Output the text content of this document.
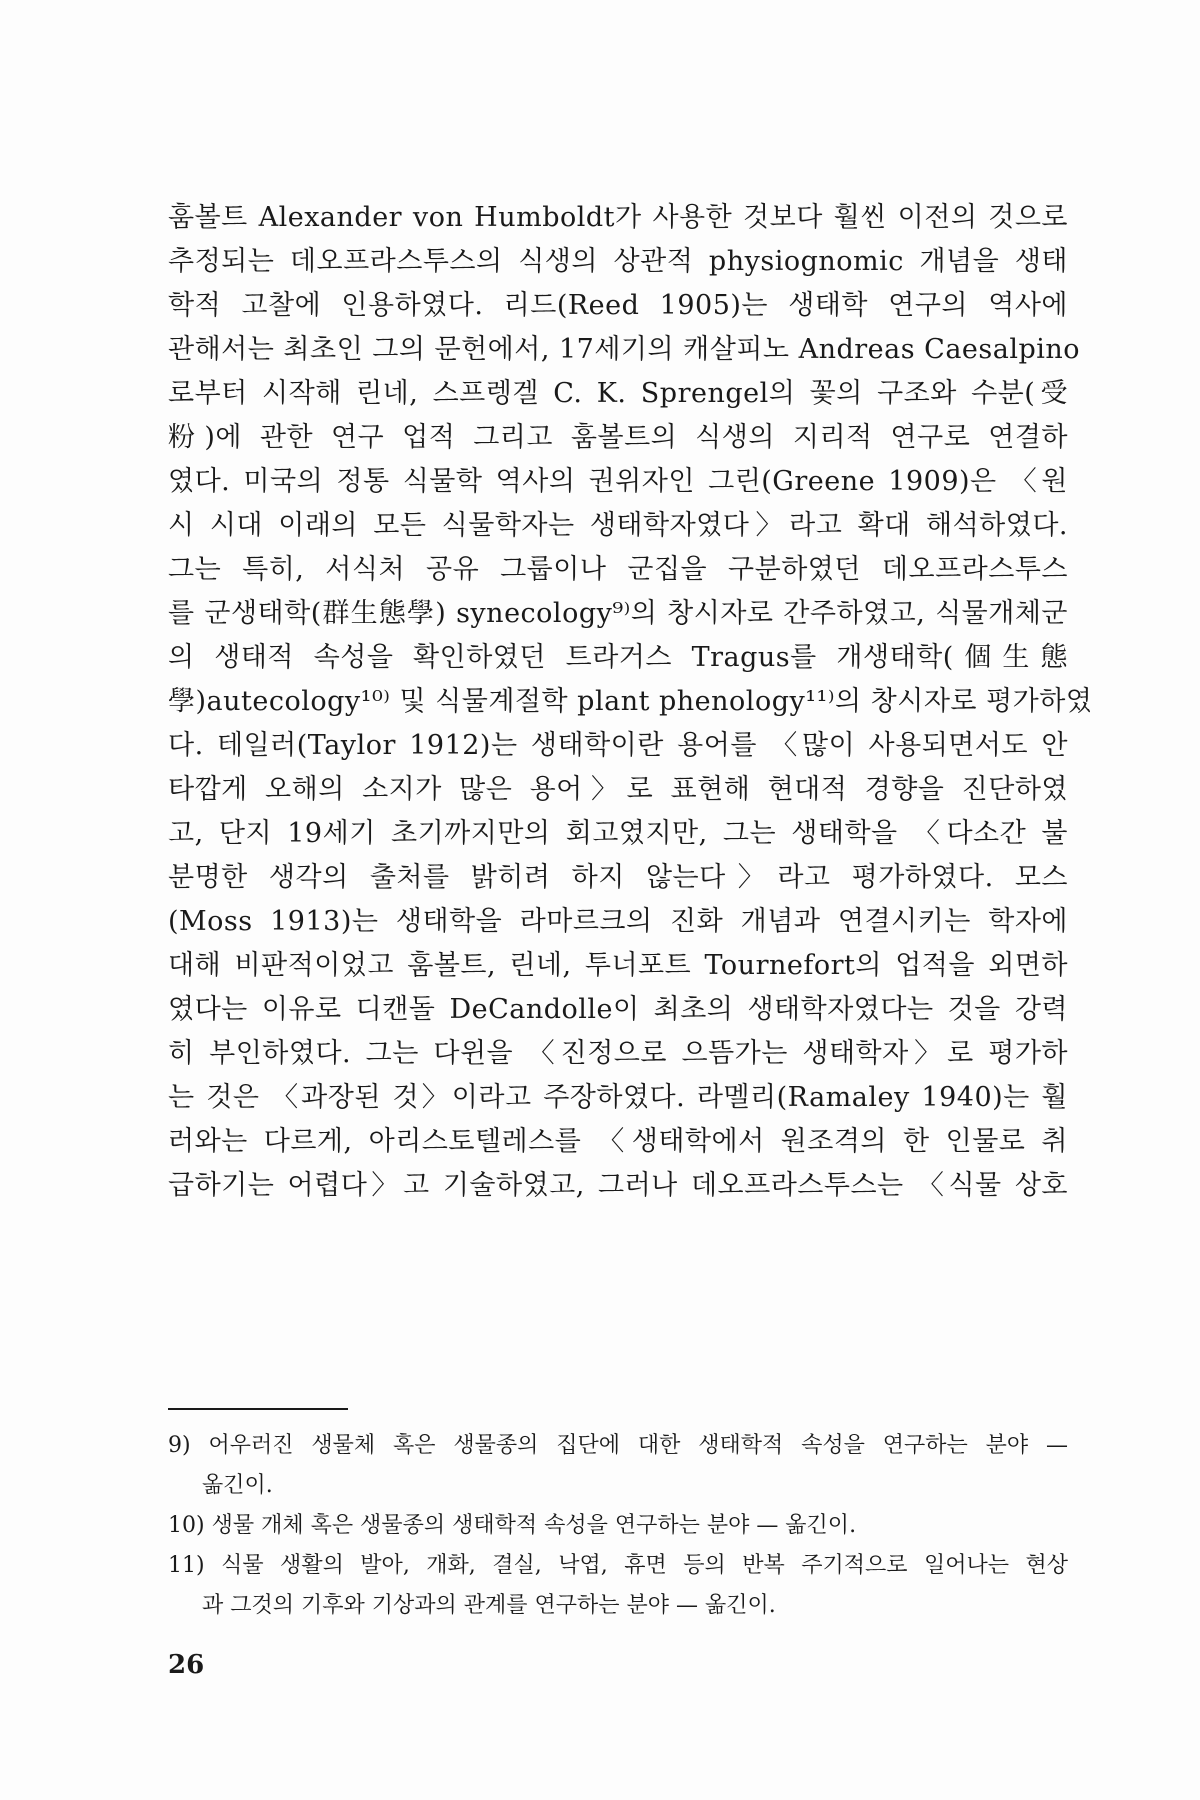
훔볼트 Alexander von Humboldt가 사용한 것보다 훨씬 이전의 것으로
추정되는 데오프라스투스의 식생의 상관적 physiognomic 개념을 생태
학적 고찰에 인용하였다. 리드(Reed 1905)는 생태학 연구의 역사에
관해서는 최초인 그의 문헌에서, 17세기의 캐살피노 Andreas Caesalpino
로부터 시작해 린네, 스프렝겔 C. K. Sprengel의 꽃의 구조와 수분(受
粉)에 관한 연구 업적 그리고 훔볼트의 식생의 지리적 연구로 연결하
였다. 미국의 정통 식물학 역사의 권위자인 그린(Greene 1909)은 〈원
시 시대 이래의 모든 식물학자는 생태학자였다〉라고 확대 해석하였다.
그는 특히, 서식처 공유 그룹이나 군집을 구분하였던 데오프라스투스
를 군생태학(群生態學) synecology⁹⁾의 창시자로 간주하였고, 식물개체군
의 생태적 속성을 확인하였던 트라거스 Tragus를 개생태학(個生態
學)autecology¹⁰⁾ 및 식물계절학 plant phenology¹¹⁾의 창시자로 평가하였
다. 테일러(Taylor 1912)는 생태학이란 용어를 〈많이 사용되면서도 안
타깝게 오해의 소지가 많은 용어〉로 표현해 현대적 경향을 진단하였
고, 단지 19세기 초기까지만의 회고였지만, 그는 생태학을 〈다소간 불
분명한 생각의 출처를 밝히려 하지 않는다〉라고 평가하였다. 모스
(Moss 1913)는 생태학을 라마르크의 진화 개념과 연결시키는 학자에
대해 비판적이었고 훔볼트, 린네, 투너포트 Tournefort의 업적을 외면하
였다는 이유로 디캔돌 DeCandolle이 최초의 생태학자였다는 것을 강력
히 부인하였다. 그는 다윈을 〈진정으로 으뜸가는 생태학자〉로 평가하
는 것은 〈과장된 것〉이라고 주장하였다. 라멜리(Ramaley 1940)는 훨
러와는 다르게, 아리스토텔레스를 〈생태학에서 원조격의 한 인물로 취
급하기는 어렵다〉고 기술하였고, 그러나 데오프라스투스는 〈식물 상호
9) 어우러진 생물체 혹은 생물종의 집단에 대한 생태학적 속성을 연구하는 분야 —
옮긴이.
10) 생물 개체 혹은 생물종의 생태학적 속성을 연구하는 분야 — 옮긴이.
11) 식물 생활의 발아, 개화, 결실, 낙엽, 휴면 등의 반복 주기적으로 일어나는 현상
과 그것의 기후와 기상과의 관계를 연구하는 분야 — 옮긴이.
26
